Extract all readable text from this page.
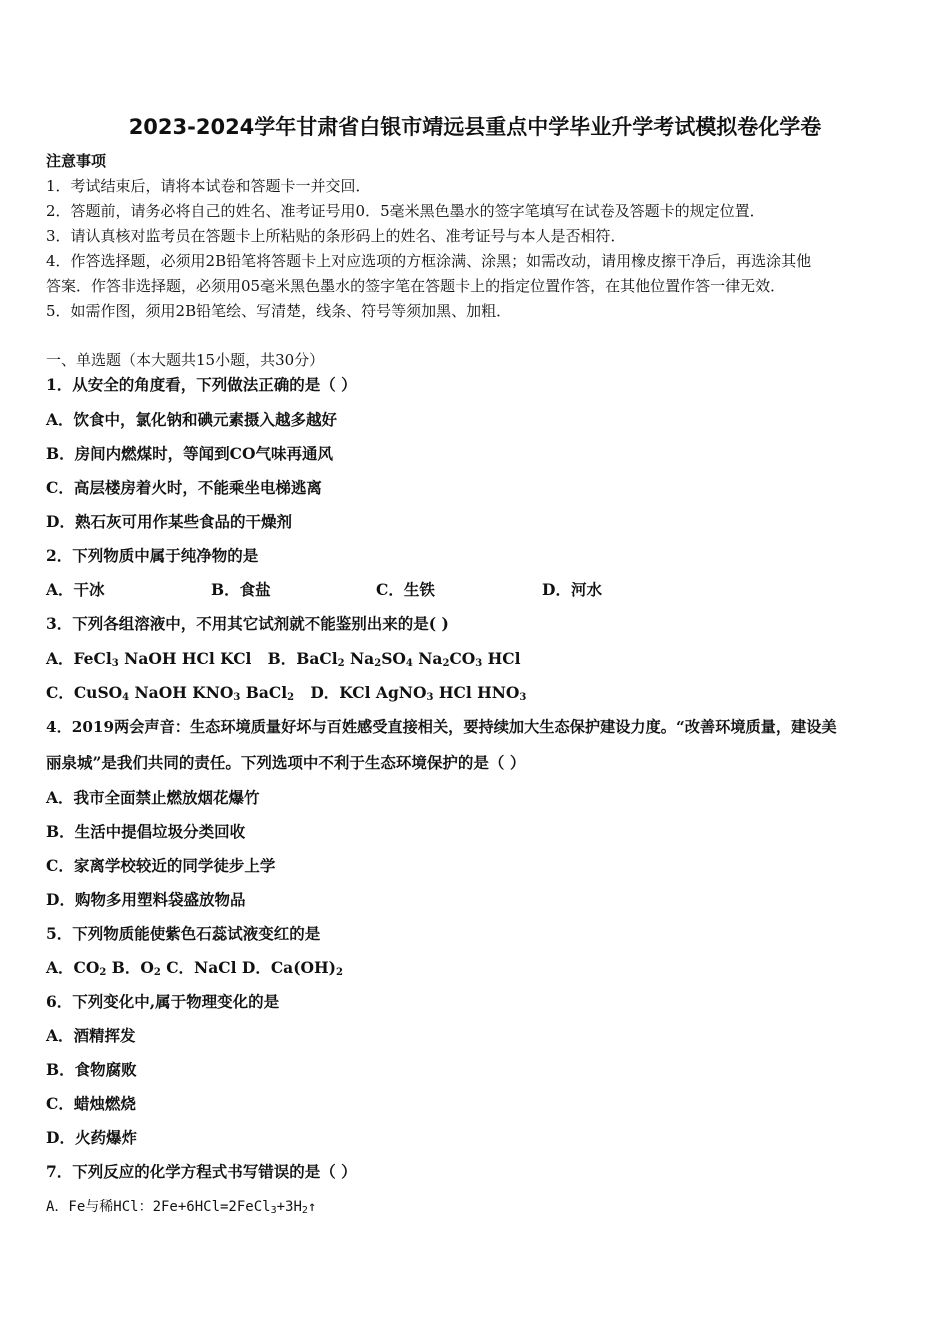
2023-2024学年甘肃省白银市靖远县重点中学毕业升学考试模拟卷化学卷
注意事项
1．考试结束后，请将本试卷和答题卡一并交回．
2．答题前，请务必将自己的姓名、准考证号用0．5毫米黑色墨水的签字笔填写在试卷及答题卡的规定位置．
3．请认真核对监考员在答题卡上所粘贴的条形码上的姓名、准考证号与本人是否相符．
4．作答选择题，必须用2B铅笔将答题卡上对应选项的方框涂满、涂黑；如需改动，请用橡皮擦干净后，再选涂其他
答案．作答非选择题，必须用05毫米黑色墨水的签字笔在答题卡上的指定位置作答，在其他位置作答一律无效．
5．如需作图，须用2B铅笔绘、写清楚，线条、符号等须加黑、加粗．
一、单选题（本大题共15小题，共30分）
1．从安全的角度看，下列做法正确的是（ ）
A．饮食中，氯化钠和碘元素摄入越多越好
B．房间内燃煤时，等闻到CO气味再通风
C．高层楼房着火时，不能乘坐电梯逃离
D．熟石灰可用作某些食品的干燥剂
2．下列物质中属于纯净物的是
A．干冰	B．食盐	C．生铁	D．河水
3．下列各组溶液中，不用其它试剂就不能鉴别出来的是( )
A．FeCl$_3$ NaOH HCl KCl B．BaCl$_2$ $Na_2SO_4$ $Na_2CO_3$ HCl
C．CuSO$_4$ NaOH $KNO_3$ BaCl$_2$ D．KCl AgNO$_3$ HCl $HNO_3$
4．2019两会声音：生态环境质量好坏与百姓感受直接相关，要持续加大生态保护建设力度。“改善环境质量，建设美
丽泉城”是我们共同的责任。下列选项中不利于生态环境保护的是（ ）
A．我市全面禁止燃放烟花爆竹
B．生活中提倡垃圾分类回收
C．家离学校较近的同学徒步上学
D．购物多用塑料袋盛放物品
5．下列物质能使紫色石蕊试液变红的是
A．$CO_2$ B．$O_2$ C．NaCl D．$Ca(OH)_2$
6．下列变化中,属于物理变化的是
A．酒精挥发
B．食物腐败
C．蜡烛燃烧
D．火药爆炸
7．下列反应的化学方程式书写错误的是（ ）
A．Fe与稀HCl：$2Fe+6HCl=2FeCl_3+3H_2↑$
